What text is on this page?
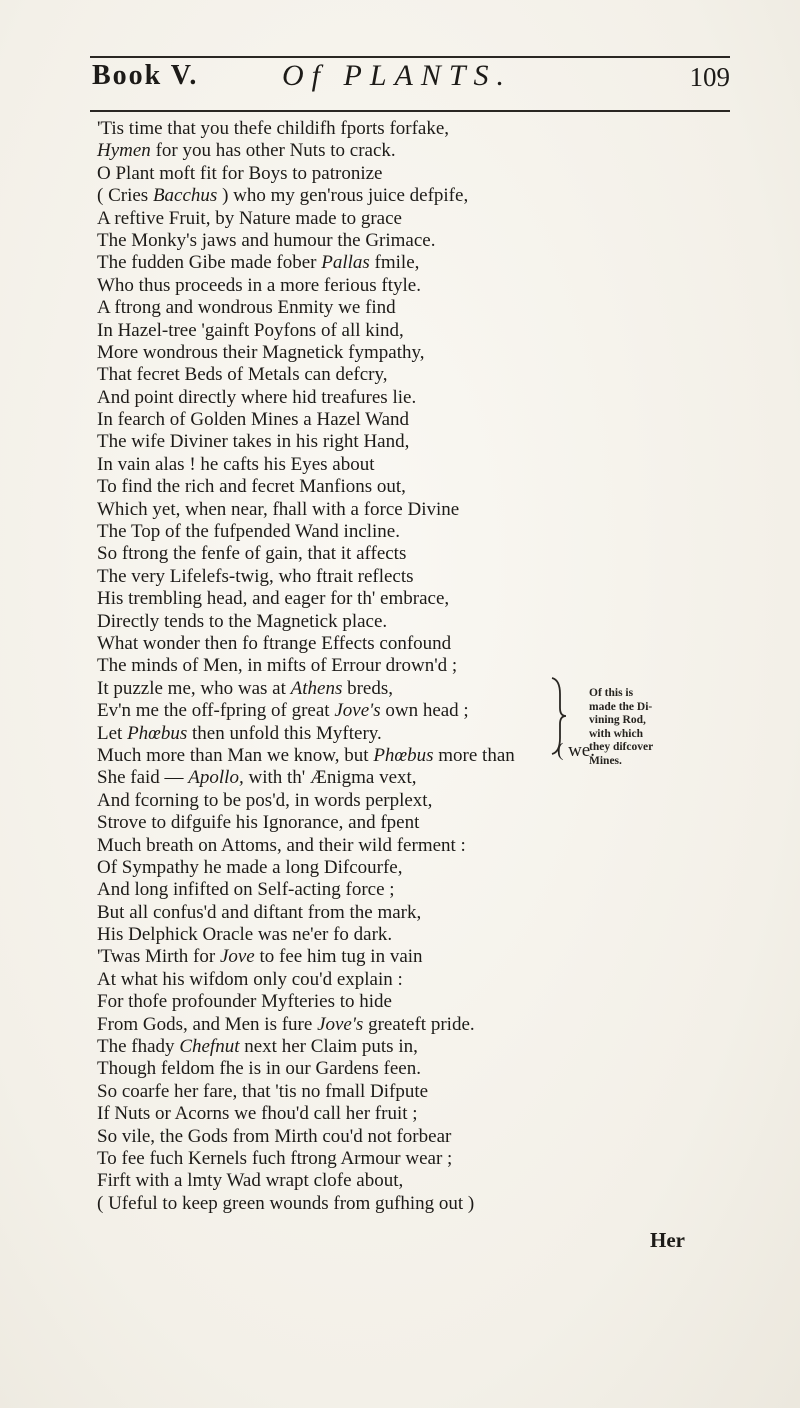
Book V.	Of PLANTS.	109
'Tis time that you thefe childifh fports forfake,
Hymen for you has other Nuts to crack.
O Plant moft fit for Boys to patronize
( Cries Bacchus ) who my gen'rous juice defpife,
A reftive Fruit, by Nature made to grace
The Monky's jaws and humour the Grimace.
The fudden Gibe made fober Pallas fmile,
Who thus proceeds in a more ferious ftyle.
A ftrong and wondrous Enmity we find
In Hazel-tree 'gainft Poyfons of all kind,
More wondrous their Magnetick fympathy,
That fecret Beds of Metals can defcry,
And point directly where hid treafures lie.
In fearch of Golden Mines a Hazel Wand
The wife Diviner takes in his right Hand,
In vain alas ! he cafts his Eyes about
To find the rich and fecret Manfions out,
Which yet, when near, fhall with a force Divine
The Top of the fufpended Wand incline.
So ftrong the fenfe of gain, that it affects
The very Lifelefs-twig, who ftrait reflects
His trembling head, and eager for th' embrace,
Directly tends to the Magnetick place.
What wonder then fo ftrange Effects confound
The minds of Men, in mifts of Errour drown'd ;
It puzzle me, who was at Athens breds,
Ev'n me the off-fpring of great Jove's own head ;
Let Phœbus then unfold this Myftery.
Much more than Man we know, but Phœbus more than
She faid — Apollo, with th' Ænigma vext,
And fcorning to be pos'd, in words perplext,
Strove to difguife his Ignorance, and fpent
Much breath on Attoms, and their wild ferment :
Of Sympathy he made a long Difcourfe,
And long infifted on Self-acting force ;
But all confus'd and diftant from the mark,
His Delphick Oracle was ne'er fo dark.
'Twas Mirth for Jove to fee him tug in vain
At what his wifdom only cou'd explain :
For thofe profounder Myfteries to hide
From Gods, and Men is fure Jove's greateft pride.
The fhady Chefnut next her Claim puts in,
Though feldom fhe is in our Gardens feen.
So coarfe her fare, that 'tis no fmall Difpute
If Nuts or Acorns we fhou'd call her fruit ;
So vile, the Gods from Mirth cou'd not forbear
To fee fuch Kernels fuch ftrong Armour wear ;
Firft with a lmty Wad wrapt clofe about,
( Ufeful to keep green wounds from gufhing out )
( we.
Of this is
made the Di-
vining Rod,
with which
they difcover
Mines.
Her
